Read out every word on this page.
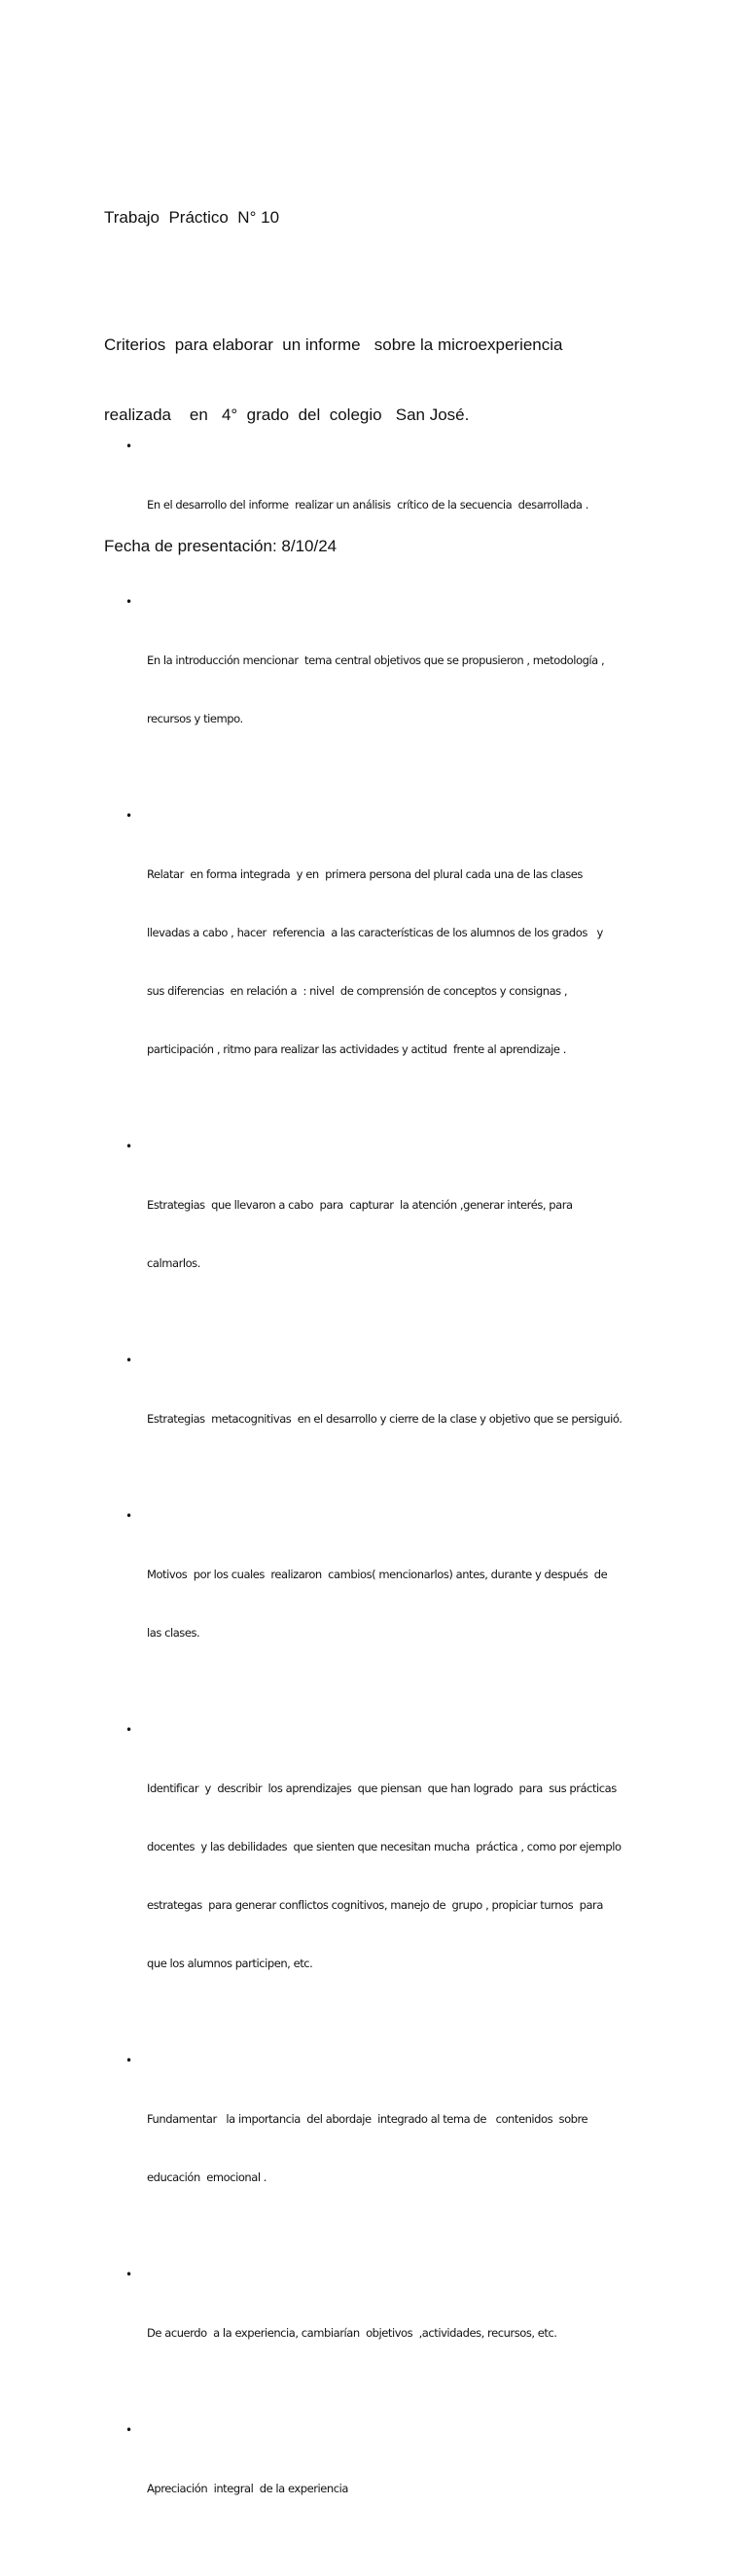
Trabajo  Práctico  N° 10

Criterios  para elaborar  un informe   sobre la microexperiencia

realizada    en   4°  grado  del  colegio   San José.

Fecha de presentación: 8/10/24

•

En el desarrollo del informe  realizar un análisis  crítico de la secuencia  desarrollada .

•

En la introducción mencionar  tema central objetivos que se propusieron , metodología ,

recursos y tiempo.

•

Relatar  en forma integrada  y en  primera persona del plural cada una de las clases

llevadas a cabo , hacer  referencia  a las características de los alumnos de los grados   y

sus diferencias  en relación a  : nivel  de comprensión de conceptos y consignas ,

participación , ritmo para realizar las actividades y actitud  frente al aprendizaje .

•

Estrategias  que llevaron a cabo  para  capturar  la atención ,generar interés, para

calmarlos.

•

Estrategias  metacognitivas  en el desarrollo y cierre de la clase y objetivo que se persiguió.

•

Motivos  por los cuales  realizaron  cambios( mencionarlos) antes, durante y después  de

las clases.

•

Identificar  y  describir  los aprendizajes  que piensan  que han logrado  para  sus prácticas

docentes  y las debilidades  que sienten que necesitan mucha  práctica , como por ejemplo

estrategas  para generar conflictos cognitivos, manejo de  grupo , propiciar turnos  para

que los alumnos participen, etc.

•

Fundamentar   la importancia  del abordaje  integrado al tema de   contenidos  sobre

educación  emocional .

•

De acuerdo  a la experiencia, cambiarían  objetivos  ,actividades, recursos, etc.

•

Apreciación  integral  de la experiencia
